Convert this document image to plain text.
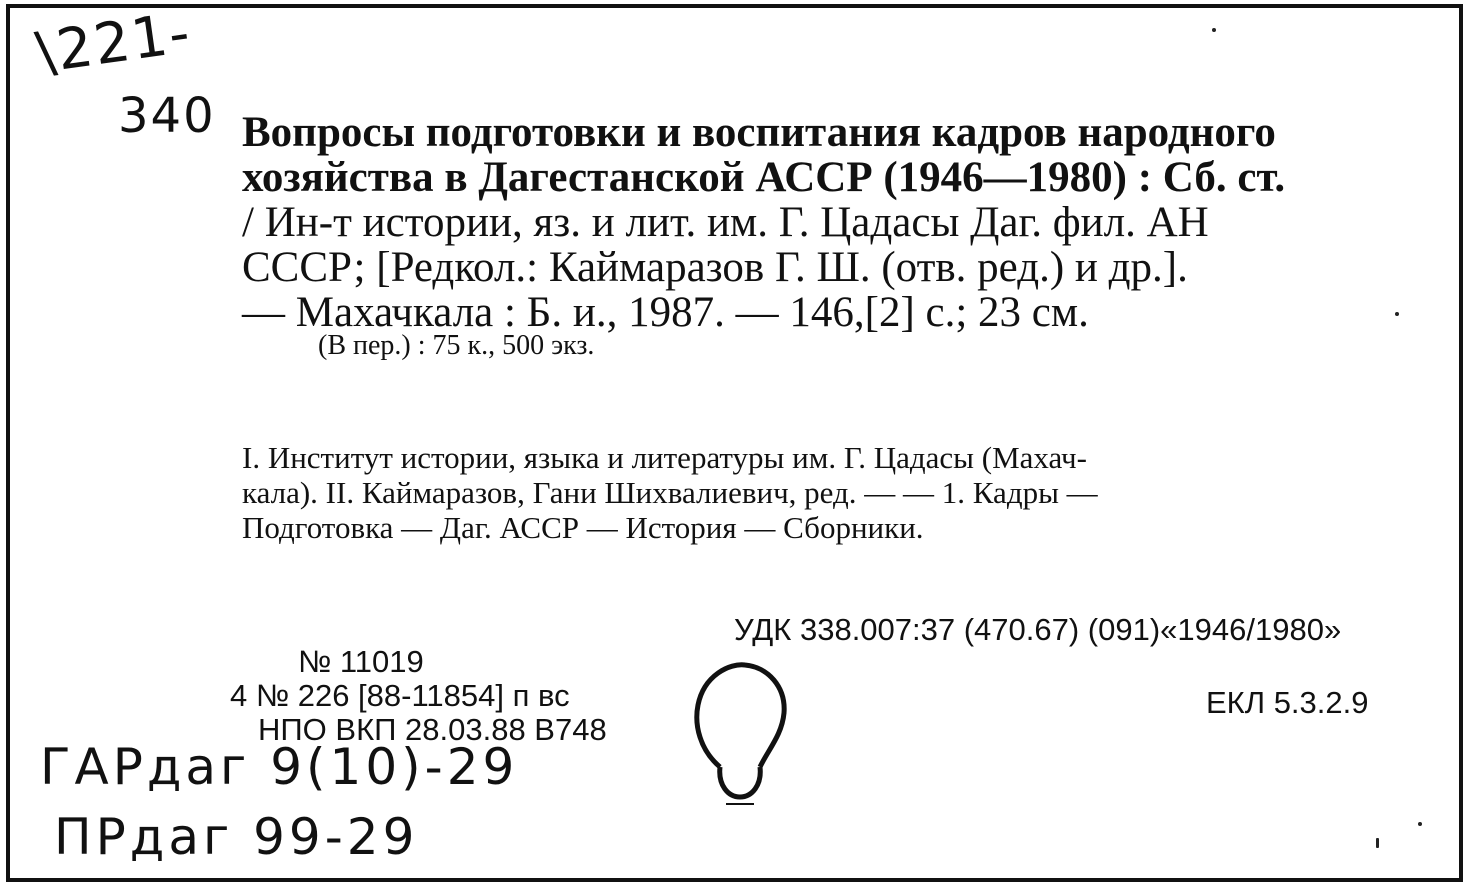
\221-
340 Вопросы подготовки и воспитания кадров народного
хозяйства в Дагестанской АССР (1946—1980) : Сб. ст.
/ Ин-т истории, яз. и лит. им. Г. Цадасы Даг. фил. АН
СССР; [Редкол.: Каймаразов Г. Ш. (отв. ред.) и др.].
— Махачкала : Б. и., 1987. — 146,[2] с.; 23 см.
(В пер.) : 75 к., 500 экз.
I. Институт истории, языка и литературы им. Г. Цадасы (Махач-
кала). II. Каймаразов, Гани Шихвалиевич, ред. — — 1. Кадры —
Подготовка — Даг. АССР — История — Сборники.
УДК 338.007:37 (470.67) (091)«1946/1980»
ЕКЛ 5.3.2.9
№ 11019
4 № 226 [88-11854] п вс
НПО ВКП 28.03.88 В748
ГАРдаг 9(10)-29
ПРдаг 99-29
